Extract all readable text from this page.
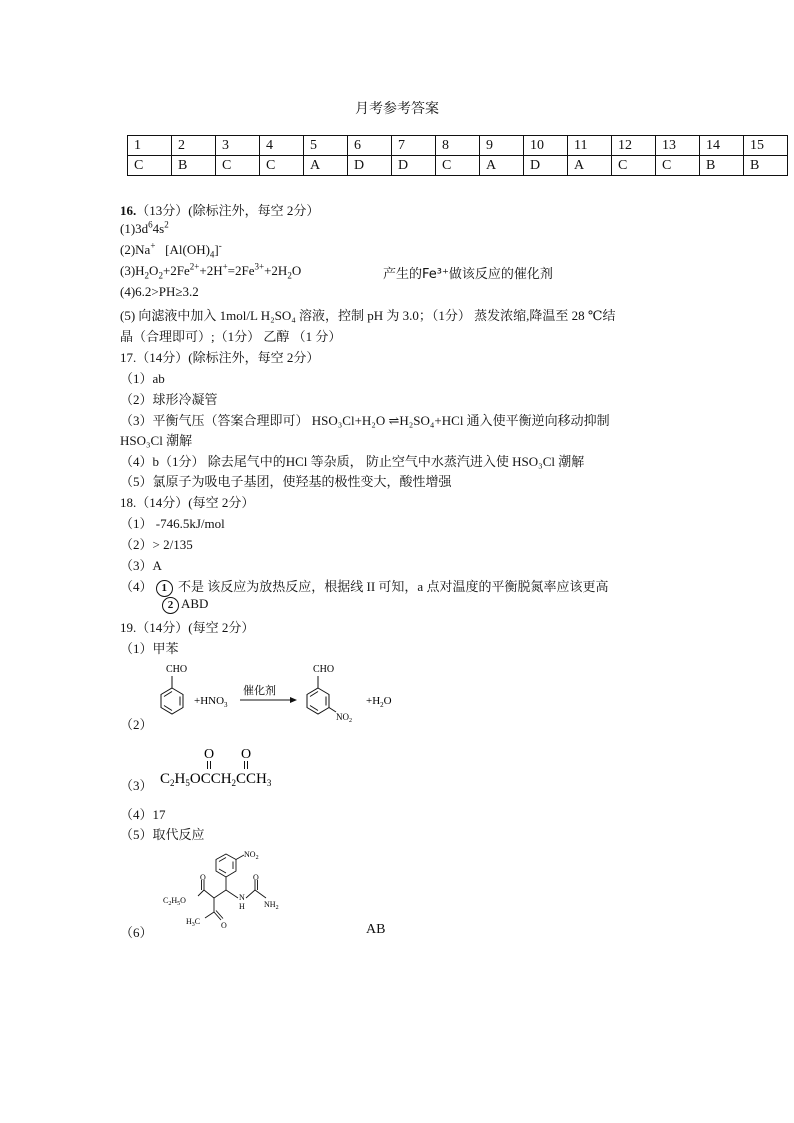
月考参考答案
1	2	3	4	5	6	7	8	9	10	11	12	13	14	15
C	B	C	C	A	D	D	C	A	D	A	C	C	B	B
16.（13分）(除标注外，每空 2分）
$(1)3d^64s^2$
(2)Na+ $[Al(OH)_4]^-$
$(3)H_2O_2+2Fe^{2+}+2H^+=2Fe^{3+}+2H_2O$	产生的Fe³⁺做该反应的催化剂
(4)6.2>PH≥3.2
(5) 向滤液中加入 1mol/L H₂SO₄ 溶液，控制 pH 为 3.0；（1分） 蒸发浓缩,降温至 28 ℃结
晶（合理即可）;（1分） 乙醇 （1 分）
17.（14分）(除标注外，每空 2分）
（1）ab
（2）球形冷凝管
（3）平衡气压（答案合理即可） HSO₃Cl+H₂O ⇌H₂SO₄+HCl 通入使平衡逆向移动抑制
HSO₃Cl 潮解
（4）b（1分） 除去尾气中的HCl 等杂质， 防止空气中水蒸汽进入使 HSO₃Cl 潮解
（5）氯原子为吸电子基团，使羟基的极性变大，酸性增强
18.（14分）(每空 2分）
（1） -746.5kJ/mol
（2）> 2/135
（3）A
（4） 1 不是 该反应为放热反应，根据线 II 可知，a 点对温度的平衡脱氮率应该更高
2 ABD
19.（14分）(每空 2分）
（1）甲苯
（2）
CHO
$+HNO_3$
催化剂
CHO
$NO_2$
$+H_2O$
（3）
O O
$C_2H_5OCCH_2CCH_3$
（4）17
（5）取代反应
（6）
$NO_2$
O
O
$C_2H_5O$	N
H $NH_2$
$H_3C$	O	AB
